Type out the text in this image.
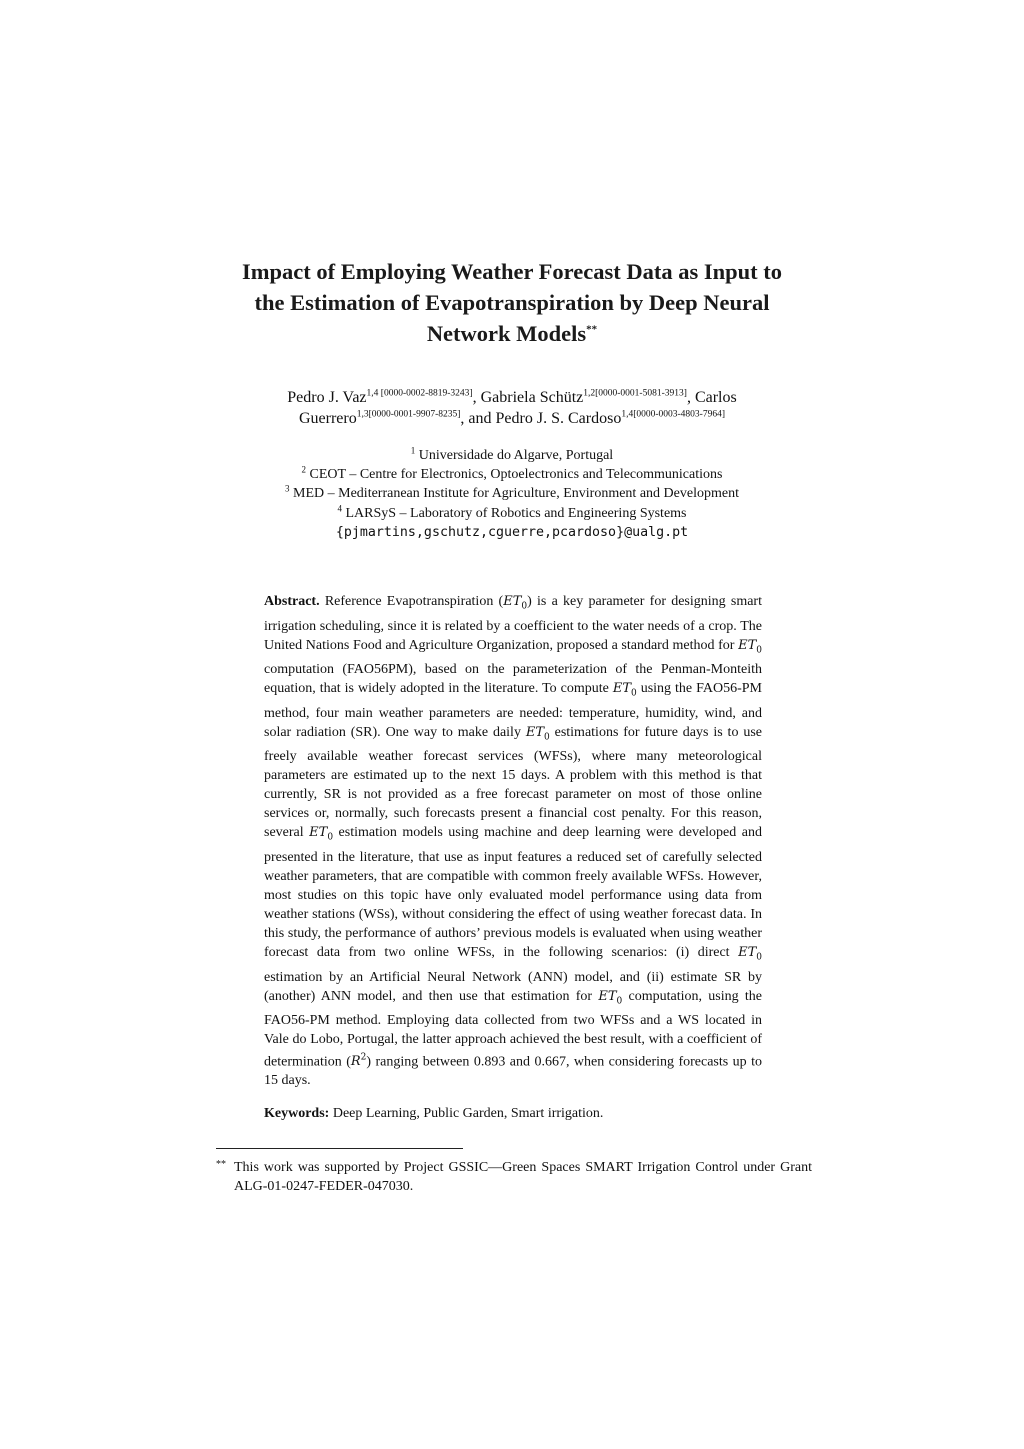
Impact of Employing Weather Forecast Data as Input to
the Estimation of Evapotranspiration by Deep Neural
Network Models**
Pedro J. Vaz$^{1,4 [0000-0002-8819-3243]}$, Gabriela Schütz$^{1,2[0000-0001-5081-3913]}$, Carlos
Guerrero$^{1,3[0000-0001-9907-8235]}$, and Pedro J. S. Cardoso$^{1,4[0000-0003-4803-7964]}$
$^1$ Universidade do Algarve, Portugal
$^2$ CEOT – Centre for Electronics, Optoelectronics and Telecommunications
$^3$ MED – Mediterranean Institute for Agriculture, Environment and Development
$^4$ LARSyS – Laboratory of Robotics and Engineering Systems
{pjmartins,gschutz,cguerre,pcardoso}@ualg.pt
Abstract. Reference Evapotranspiration $(ET_0)$ is a key parameter for designing smart irrigation scheduling, since it is related by a coefficient to the water needs of a crop. The United Nations Food and Agriculture Organization, proposed a standard method for $ET_0$ computation (FAO56PM), based on the parameterization of the Penman-Monteith equation, that is widely adopted in the literature. To compute $ET_0$ using the FAO56-PM method, four main weather parameters are needed: temperature, humidity, wind, and solar radiation (SR). One way to make daily $ET_0$ estimations for future days is to use freely available weather forecast services (WFSs), where many meteorological parameters are estimated up to the next 15 days. A problem with this method is that currently, SR is not provided as a free forecast parameter on most of those online services or, normally, such forecasts present a financial cost penalty. For this reason, several $ET_0$ estimation models using machine and deep learning were developed and presented in the literature, that use as input features a reduced set of carefully selected weather parameters, that are compatible with common freely available WFSs. However, most studies on this topic have only evaluated model performance using data from weather stations (WSs), without considering the effect of using weather forecast data. In this study, the performance of authors’ previous models is evaluated when using weather forecast data from two online WFSs, in the following scenarios: (i) direct $ET_0$ estimation by an Artificial Neural Network (ANN) model, and (ii) estimate SR by (another) ANN model, and then use that estimation for $ET_0$ computation, using the FAO56-PM method. Employing data collected from two WFSs and a WS located in Vale do Lobo, Portugal, the latter approach achieved the best result, with a coefficient of determination $(R^2)$ ranging between 0.893 and 0.667, when considering forecasts up to 15 days.
Keywords: Deep Learning, Public Garden, Smart irrigation.
** This work was supported by Project GSSIC—Green Spaces SMART Irrigation Control under Grant ALG-01-0247-FEDER-047030.
